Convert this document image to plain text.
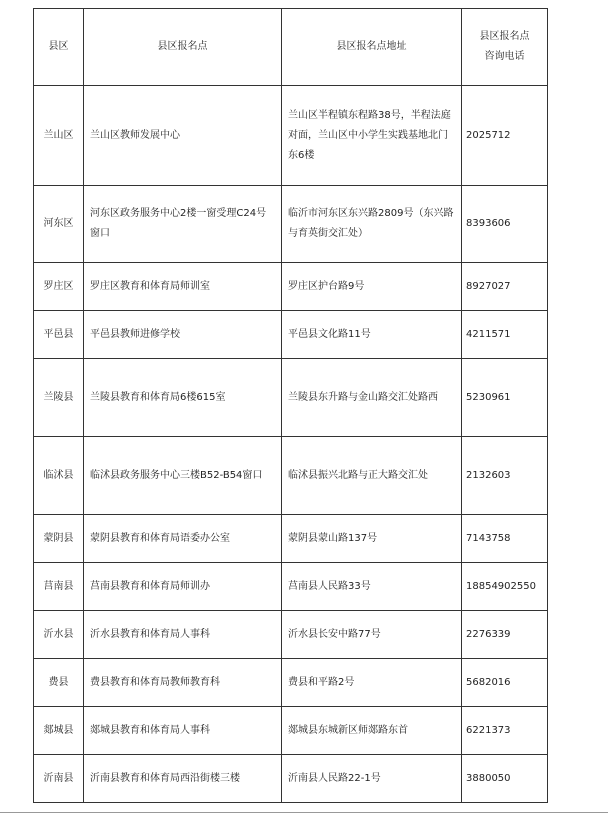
县区	县区报名点	县区报名点地址	县区报名点
咨询电话

兰山区	兰山区教师发展中心	兰山区半程镇东程路38号，半程法庭对面，兰山区中小学生实践基地北门东6楼	2025712
河东区	河东区政务服务中心2楼一窗受理C24号窗口	临沂市河东区东兴路2809号（东兴路与育英街交汇处）	8393606
罗庄区	罗庄区教育和体育局师训室	罗庄区护台路9号	8927027
平邑县	平邑县教师进修学校	平邑县文化路11号	4211571
兰陵县	兰陵县教育和体育局6楼615室	兰陵县东升路与金山路交汇处路西	5230961
临沭县	临沭县政务服务中心三楼B52-B54窗口	临沭县振兴北路与正大路交汇处	2132603
蒙阴县	蒙阴县教育和体育局语委办公室	蒙阴县蒙山路137号	7143758
莒南县	莒南县教育和体育局师训办	莒南县人民路33号	18854902550
沂水县	沂水县教育和体育局人事科	沂水县长安中路77号	2276339
费县	费县教育和体育局教师教育科	费县和平路2号	5682016
郯城县	郯城县教育和体育局人事科	郯城县东城新区师郯路东首	6221373
沂南县	沂南县教育和体育局西沿街楼三楼	沂南县人民路22-1号	3880050
